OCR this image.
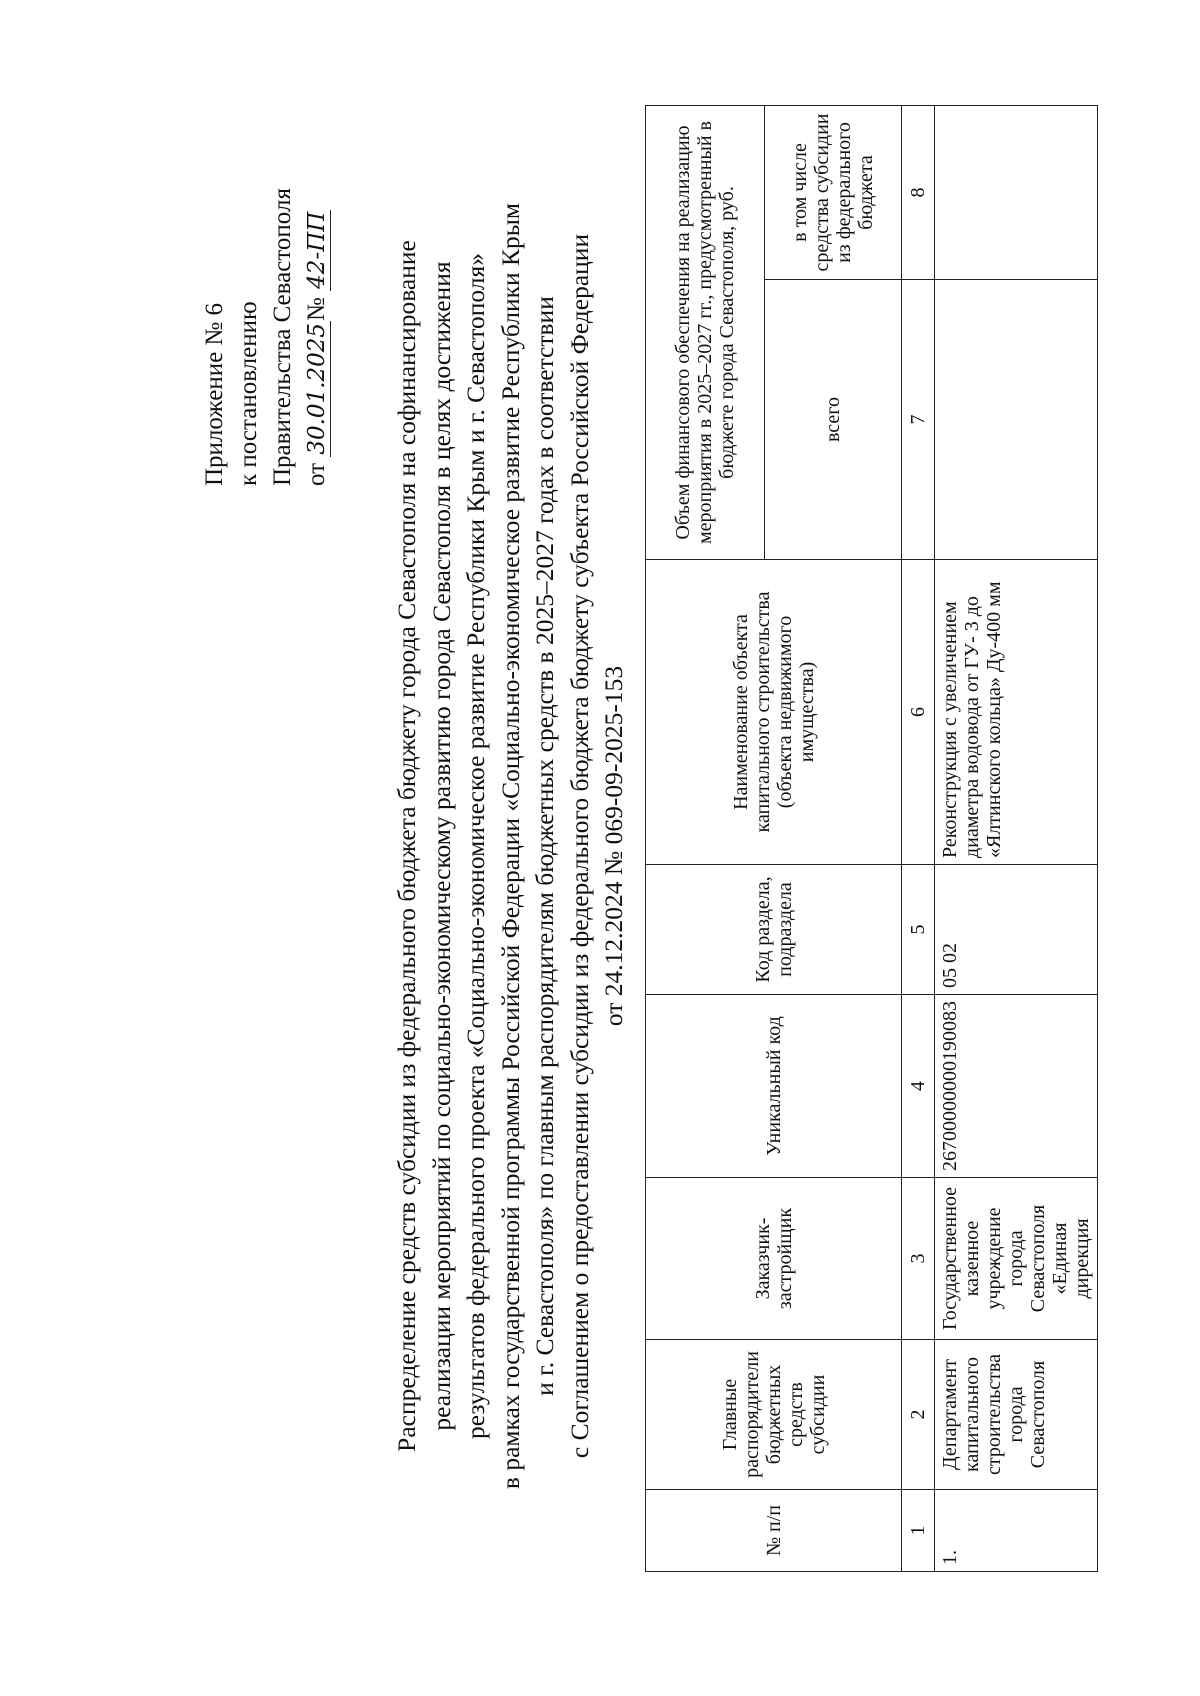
Приложение № 6 к постановлению Правительства Севастополя от 30.01.2025№ 42-ПП Распределение средств субсидии из федерального бюджета бюджету города Севастополя на софинансирование реализации мероприятий по социально-экономическому развитию города Севастополя в целях достижения результатов федерального проекта «Социально-экономическое развитие Республики Крым и г. Севастополя» в рамках государственной программы Российской Федерации «Социально-экономическое развитие Республики Крым и г. Севастополя» по главным распорядителям бюджетных средств в 2025–2027 годах в соответствии с Соглашением о предоставлении субсидии из федерального бюджета бюджету субъекта Российской Федерации от 24.12.2024 № 069-09-2025-153
№ п/п	Главные распорядители бюджетных средств субсидии	Заказчик-застройщик	Уникальный код	Код раздела, подраздела	Наименование объекта капитального строительства (объекта недвижимого имущества)	Объем финансового обеспечения на реализацию мероприятия в 2025–2027 гг., предусмотренный в бюджете города Севастополя, руб.	
						всего	в том числе средства субсидии из федерального бюджета
1	2	3	4	5	6	7	8
1.	Департамент капитального строительства города Севастополя	Государственное казенное учреждение города Севастополя «Единая дирекция	26700000000190083	05 02	Реконструкция с увеличением диаметра водовода от ГУ- 3 до «Ялтинского кольца» Ду-400 мм		
